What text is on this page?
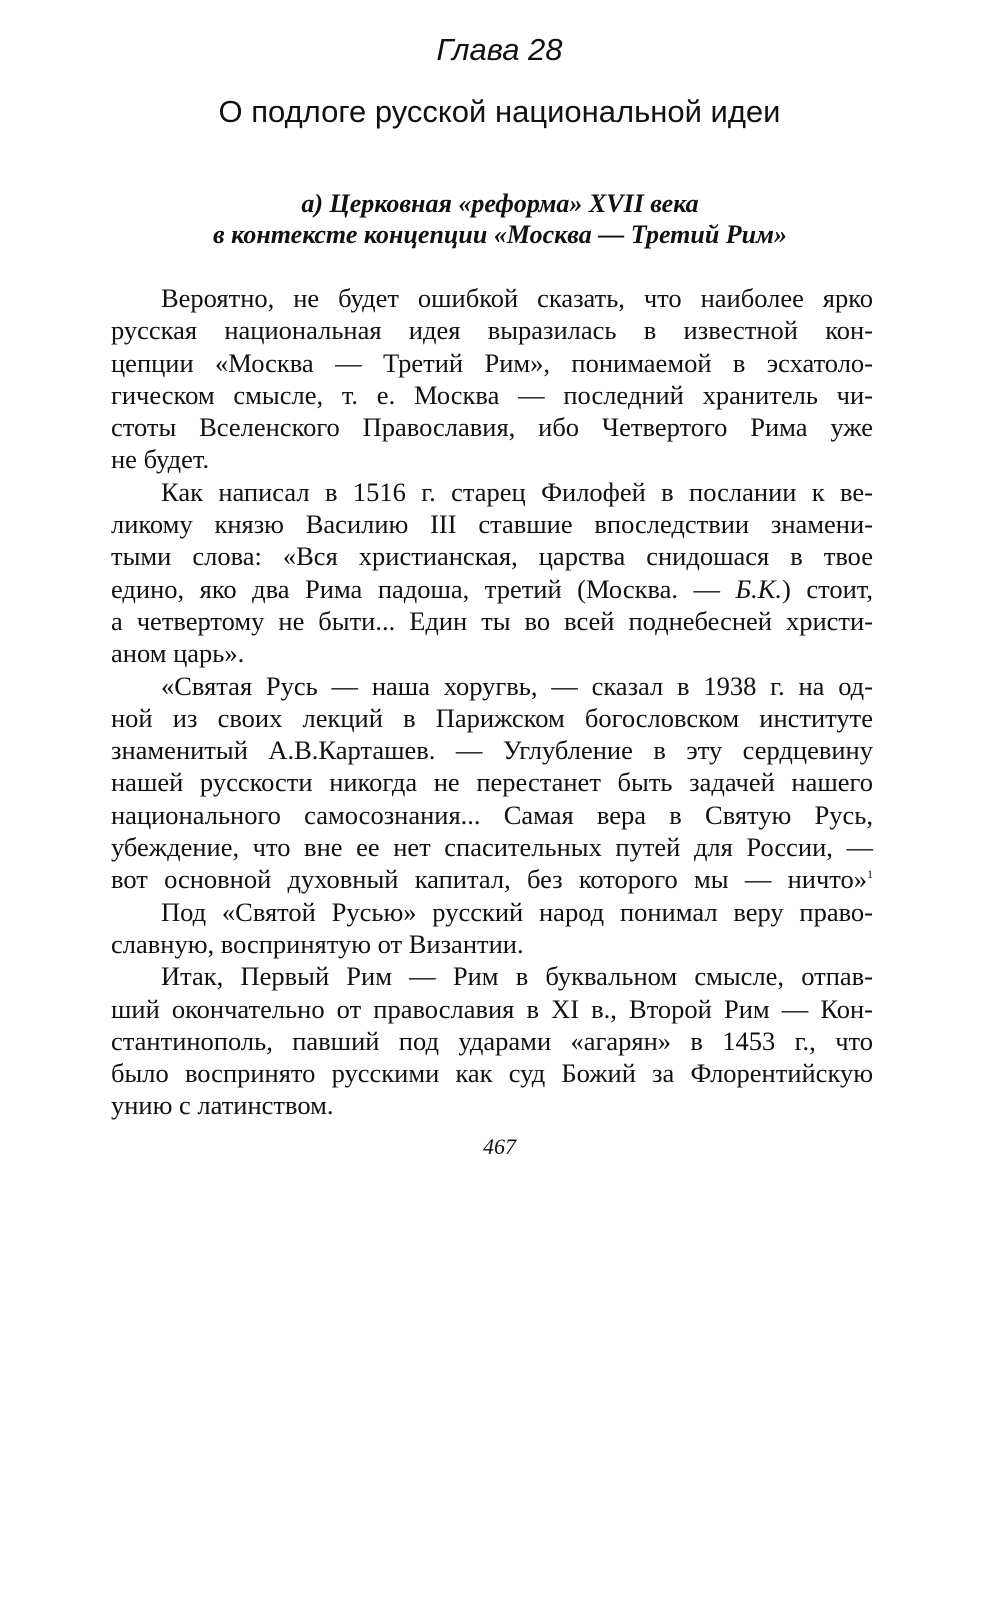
Глава 28
О подлоге русской национальной идеи
а) Церковная «реформа» XVII века
в контексте концепции «Москва — Третий Рим»

Вероятно, не будет ошибкой сказать, что наиболее ярко
русская национальная идея выразилась в известной кон-
цепции «Москва — Третий Рим», понимаемой в эсхатоло-
гическом смысле, т. е. Москва — последний хранитель чи-
стоты Вселенского Православия, ибо Четвертого Рима уже
не будет.

Как написал в 1516 г. старец Филофей в послании к ве-
ликому князю Василию III ставшие впоследствии знамени-
тыми слова: «Вся христианская, царства снидошася в твое
едино, яко два Рима падоша, третий (Москва. — Б.К.) стоит,
а четвертому не быти... Един ты во всей поднебесней христи-
аном царь».

«Святая Русь — наша хоругвь, — сказал в 1938 г. на од-
ной из своих лекций в Парижском богословском институте
знаменитый А.В.Карташев. — Углубление в эту сердцевину
нашей русскости никогда не перестанет быть задачей нашего
национального самосознания... Самая вера в Святую Русь,
убеждение, что вне ее нет спасительных путей для России, —
вот основной духовный капитал, без которого мы — ничто»$^1$

Под «Святой Русью» русский народ понимал веру право-
славную, воспринятую от Византии.

Итак, Первый Рим — Рим в буквальном смысле, отпав-
ший окончательно от православия в XI в., Второй Рим — Кон-
стантинополь, павший под ударами «агарян» в 1453 г., что
было воспринято русскими как суд Божий за Флорентийскую
унию с латинством.

467
